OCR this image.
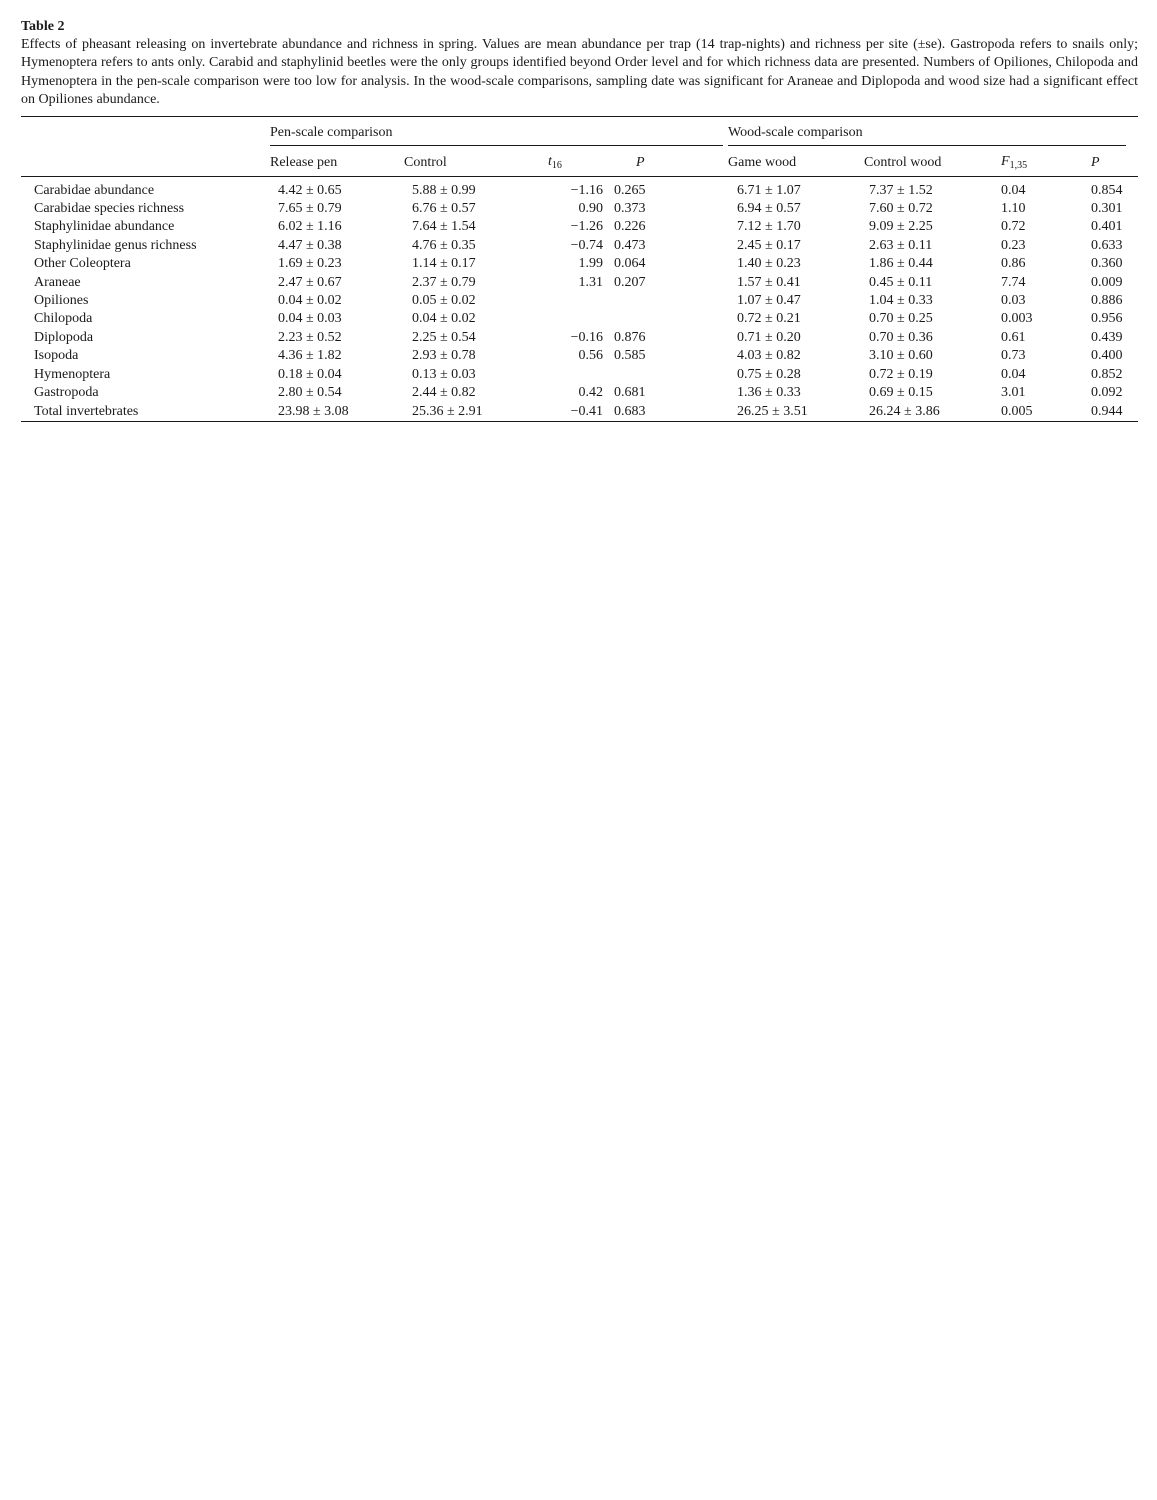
Table 2
Effects of pheasant releasing on invertebrate abundance and richness in spring. Values are mean abundance per trap (14 trap-nights) and richness per site (±se). Gastropoda refers to snails only; Hymenoptera refers to ants only. Carabid and staphylinid beetles were the only groups identified beyond Order level and for which richness data are presented. Numbers of Opiliones, Chilopoda and Hymenoptera in the pen-scale comparison were too low for analysis. In the wood-scale comparisons, sampling date was significant for Araneae and Diplopoda and wood size had a significant effect on Opiliones abundance.

	Pen-scale comparison				Wood-scale comparison			

	Release pen	Control	$t_{16}$	P	Game wood	Control wood	$F_{1,35}$	P
Carabidae abundance	4.42 ± 0.65	5.88 ± 0.99	−1.16	0.265	6.71 ± 1.07	7.37 ± 1.52	0.04	0.854
Carabidae species richness	7.65 ± 0.79	6.76 ± 0.57	0.90	0.373	6.94 ± 0.57	7.60 ± 0.72	1.10	0.301
Staphylinidae abundance	6.02 ± 1.16	7.64 ± 1.54	−1.26	0.226	7.12 ± 1.70	9.09 ± 2.25	0.72	0.401
Staphylinidae genus richness	4.47 ± 0.38	4.76 ± 0.35	−0.74	0.473	2.45 ± 0.17	2.63 ± 0.11	0.23	0.633
Other Coleoptera	1.69 ± 0.23	1.14 ± 0.17	1.99	0.064	1.40 ± 0.23	1.86 ± 0.44	0.86	0.360
Araneae	2.47 ± 0.67	2.37 ± 0.79	1.31	0.207	1.57 ± 0.41	0.45 ± 0.11	7.74	0.009
Opiliones	0.04 ± 0.02	0.05 ± 0.02			1.07 ± 0.47	1.04 ± 0.33	0.03	0.886
Chilopoda	0.04 ± 0.03	0.04 ± 0.02			0.72 ± 0.21	0.70 ± 0.25	0.003	0.956
Diplopoda	2.23 ± 0.52	2.25 ± 0.54	−0.16	0.876	0.71 ± 0.20	0.70 ± 0.36	0.61	0.439
Isopoda	4.36 ± 1.82	2.93 ± 0.78	0.56	0.585	4.03 ± 0.82	3.10 ± 0.60	0.73	0.400
Hymenoptera	0.18 ± 0.04	0.13 ± 0.03			0.75 ± 0.28	0.72 ± 0.19	0.04	0.852
Gastropoda	2.80 ± 0.54	2.44 ± 0.82	0.42	0.681	1.36 ± 0.33	0.69 ± 0.15	3.01	0.092
Total invertebrates	23.98 ± 3.08	25.36 ± 2.91	−0.41	0.683	26.25 ± 3.51	26.24 ± 3.86	0.005	0.944
